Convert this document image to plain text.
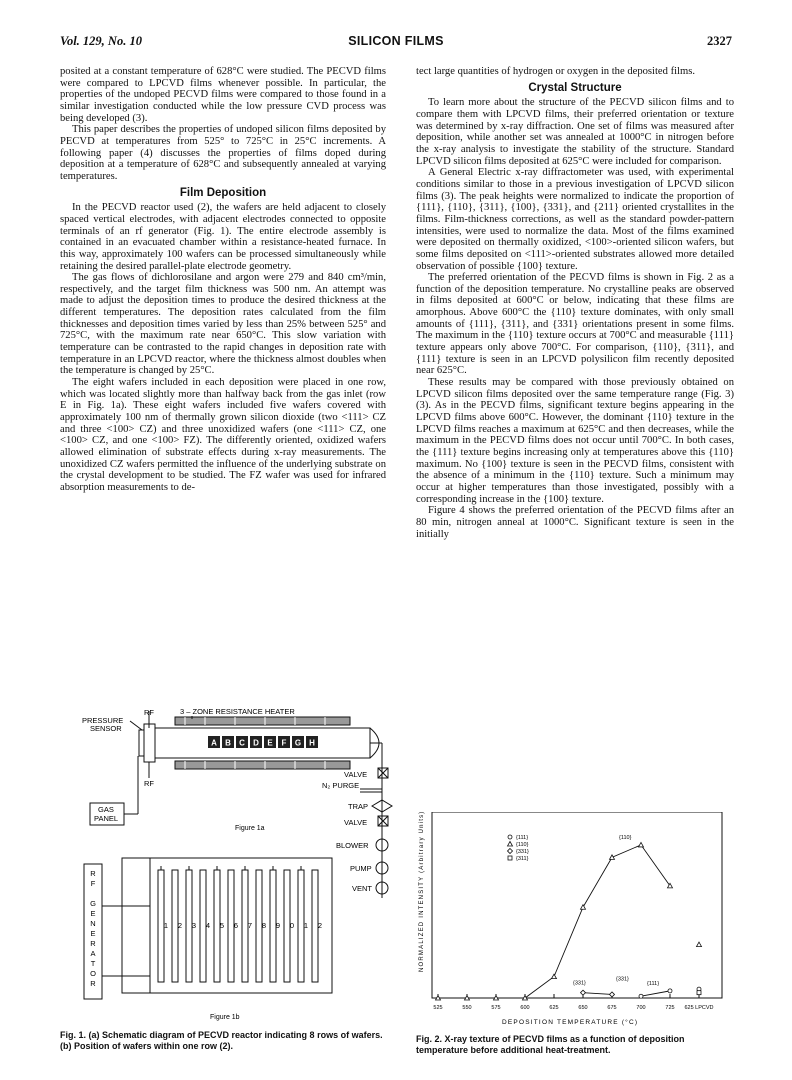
Vol. 129, No. 10	SILICON FILMS	2327

posited at a constant temperature of 628°C were studied. The PECVD films were compared to LPCVD films whenever possible. In particular, the properties of the undoped PECVD films were compared to those found in a similar investigation conducted while the low pressure CVD process was being developed (3).

This paper describes the properties of undoped silicon films deposited by PECVD at temperatures from 525° to 725°C in 25°C increments. A following paper (4) discusses the properties of films doped during deposition at a temperature of 628°C and subsequently annealed at varying temperatures.

Film Deposition

In the PECVD reactor used (2), the wafers are held adjacent to closely spaced vertical electrodes, with adjacent electrodes connected to opposite terminals of an rf generator (Fig. 1). The entire electrode assembly is contained in an evacuated chamber within a resistance-heated furnace. In this way, approximately 100 wafers can be processed simultaneously while retaining the desired parallel-plate electrode geometry.

The gas flows of dichlorosilane and argon were 279 and 840 cm³/min, respectively, and the target film thickness was 500 nm. An attempt was made to adjust the deposition times to produce the desired thickness at the different temperatures. The deposition rates calculated from the film thicknesses and deposition times varied by less than 25% between 525° and 725°C, with the maximum rate near 650°C. This slow variation with temperature can be contrasted to the rapid changes in deposition rate with temperature in an LPCVD reactor, where the thickness almost doubles when the temperature is changed by 25°C.

The eight wafers included in each deposition were placed in one row, which was located slightly more than halfway back from the gas inlet (row E in Fig. 1a). These eight wafers included five wafers covered with approximately 100 nm of thermally grown silicon dioxide (two <111> CZ and three <100> CZ) and three unoxidized wafers (one <111> CZ, one <100> CZ, and one <100> FZ). The differently oriented, oxidized wafers allowed elimination of substrate effects during x-ray measurements. The unoxidized CZ wafers permitted the influence of the underlying substrate on the crystal development to be studied. The FZ wafer was used for infrared absorption measurements to de-

tect large quantities of hydrogen or oxygen in the deposited films.

Crystal Structure

To learn more about the structure of the PECVD silicon films and to compare them with LPCVD films, their preferred orientation or texture was determined by x-ray diffraction. One set of films was measured after deposition, while another set was annealed at 1000°C in nitrogen before the x-ray analysis to investigate the stability of the structure. Standard LPCVD silicon films deposited at 625°C were included for comparison.

A General Electric x-ray diffractometer was used, with experimental conditions similar to those in a previous investigation of LPCVD silicon films (3). The peak heights were normalized to indicate the proportion of {111}, {110}, {311}, {100}, {331}, and {211} oriented crystallites in the films. Film-thickness corrections, as well as the standard powder-pattern intensities, were used to normalize the data. Most of the films examined were deposited on thermally oxidized, <100>-oriented silicon wafers, but some films deposited on <111>-oriented substrates allowed more detailed observation of possible {100} texture.

The preferred orientation of the PECVD films is shown in Fig. 2 as a function of the deposition temperature. No crystalline peaks are observed in films deposited at 600°C or below, indicating that these films are amorphous. Above 600°C the {110} texture dominates, with only small amounts of {111}, {311}, and {331} orientations present in some films. The maximum in the {110} texture occurs at 700°C and measurable {111} texture appears only above 700°C. For comparison, {110}, {311}, and {111} texture is seen in an LPCVD polysilicon film recently deposited near 625°C.

These results may be compared with those previously obtained on LPCVD silicon films deposited over the same temperature range (Fig. 3) (3). As in the PECVD films, significant texture begins appearing in the LPCVD films above 600°C. However, the dominant {110} texture in the LPCVD films reaches a maximum at 625°C and then decreases, while the maximum in the PECVD films does not occur until 700°C. In both cases, the {111} texture begins increasing only at temperatures above this {110} maximum. No {100} texture is seen in the PECVD films, consistent with the absence of a minimum in the {110} texture. Such a minimum may occur at higher temperatures than those investigated, possibly with a corresponding increase in the {100} texture.

Figure 4 shows the preferred orientation of the PECVD films after an 80 min, nitrogen anneal at 1000°C. Significant texture is seen in the initially

A B C D E F G H
RF
PRESSURE
SENSOR
3 – ZONE RESISTANCE HEATER
RF
VALVE
N₂ PURGE
TRAP
GAS
PANEL	VALVE
Figure 1a
BLOWER
PUMP
VENT
R
F
G
E
N
E
R
A
T
O
R
1 2 3 4 5 6 7 8 9 0 1 2
Figure 1b
Fig. 1. (a) Schematic diagram of PECVD reactor indicating 8 rows of wafers. (b) Position of wafers within one row (2).
525	550	575	600	625	650	675	700	725 625 LPCVD
{111}
{110}
{331}
{311}
{110}
{331}
{331}
{111}
NORMALIZED INTENSITY (Arbitrary Units)
DEPOSITION TEMPERATURE (°C)
Fig. 2. X-ray texture of PECVD films as a function of deposition temperature before additional heat-treatment.
